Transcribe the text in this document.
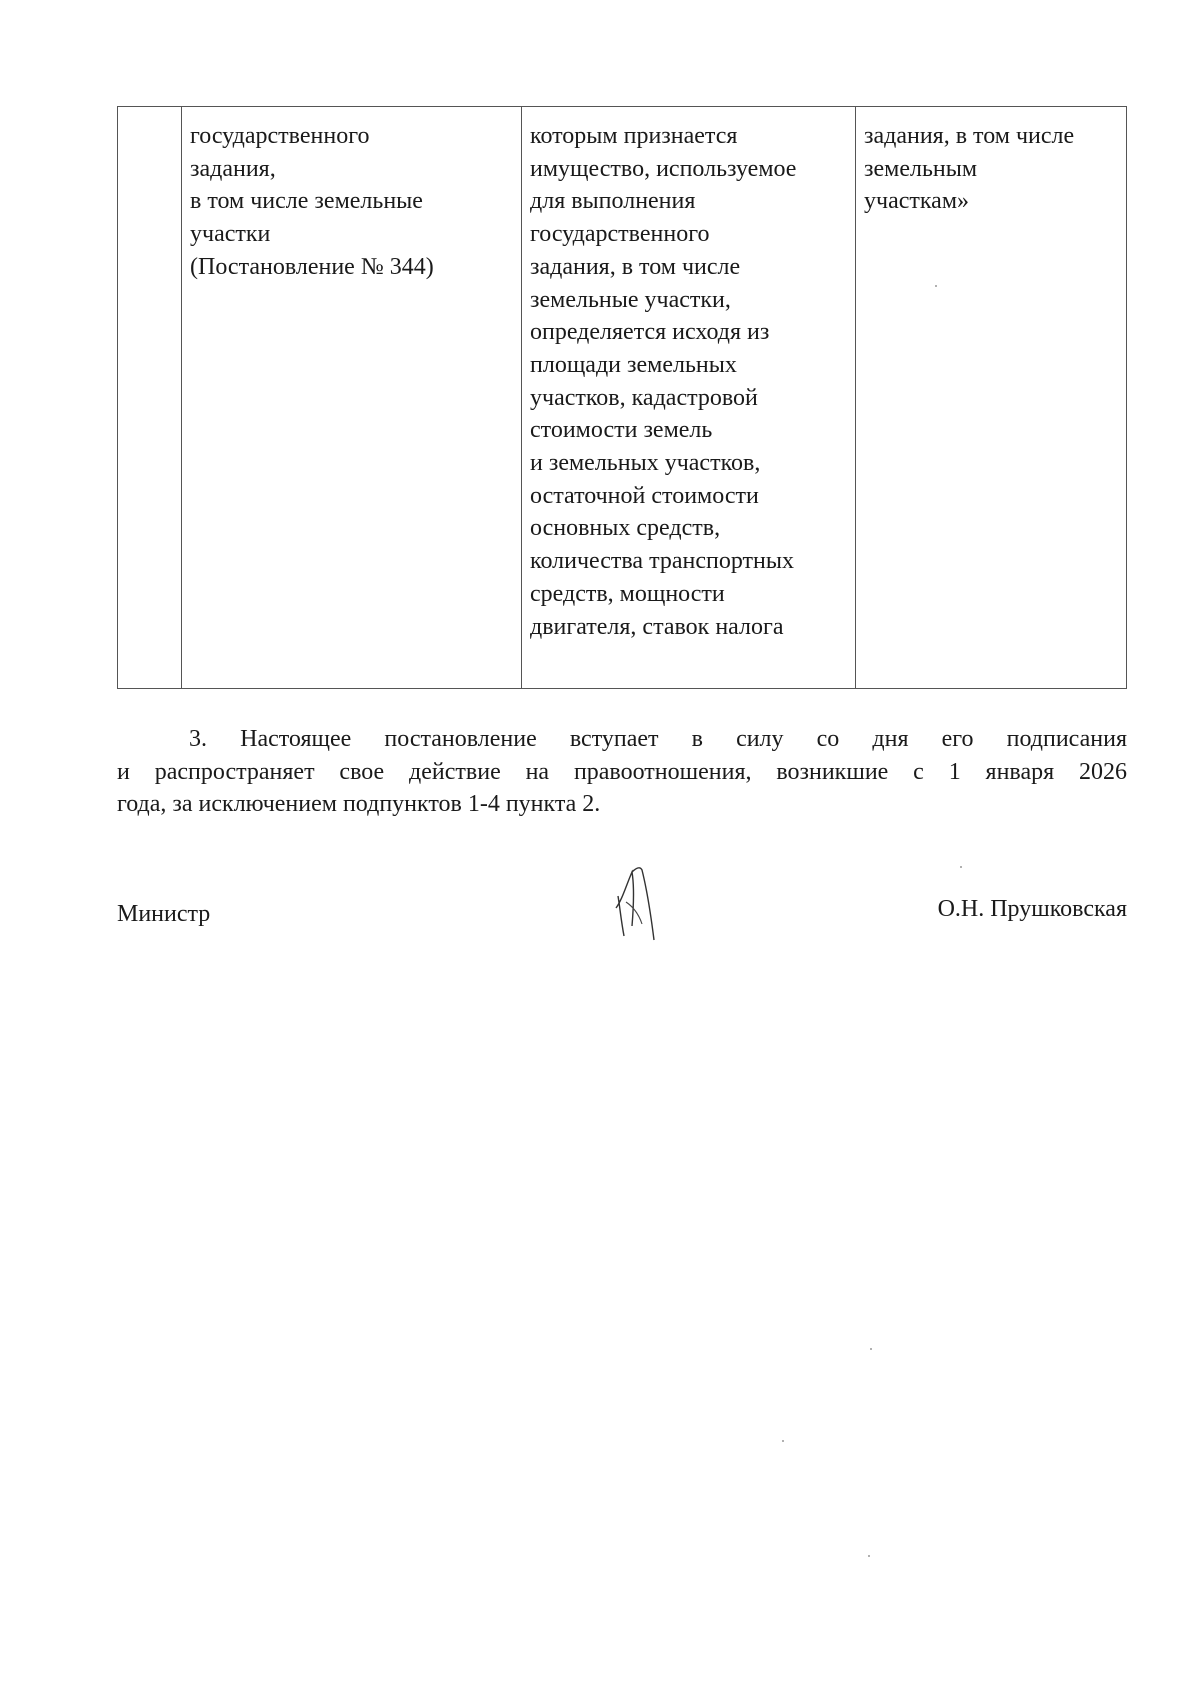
государственного
задания,
в том числе земельные
участки
(Постановление № 344)

которым признается
имущество, используемое
для выполнения
государственного
задания, в том числе
земельные участки,
определяется исходя из
площади земельных
участков, кадастровой
стоимости земель
и земельных участков,
остаточной стоимости
основных средств,
количества транспортных
средств, мощности
двигателя, ставок налога

задания, в том числе
земельным
участкам»
3. Настоящее постановление вступает в силу со дня его подписания
и распространяет свое действие на правоотношения, возникшие с 1 января 2026
года, за исключением подпунктов 1-4 пункта 2.
Министр	О.Н. Прушковская
